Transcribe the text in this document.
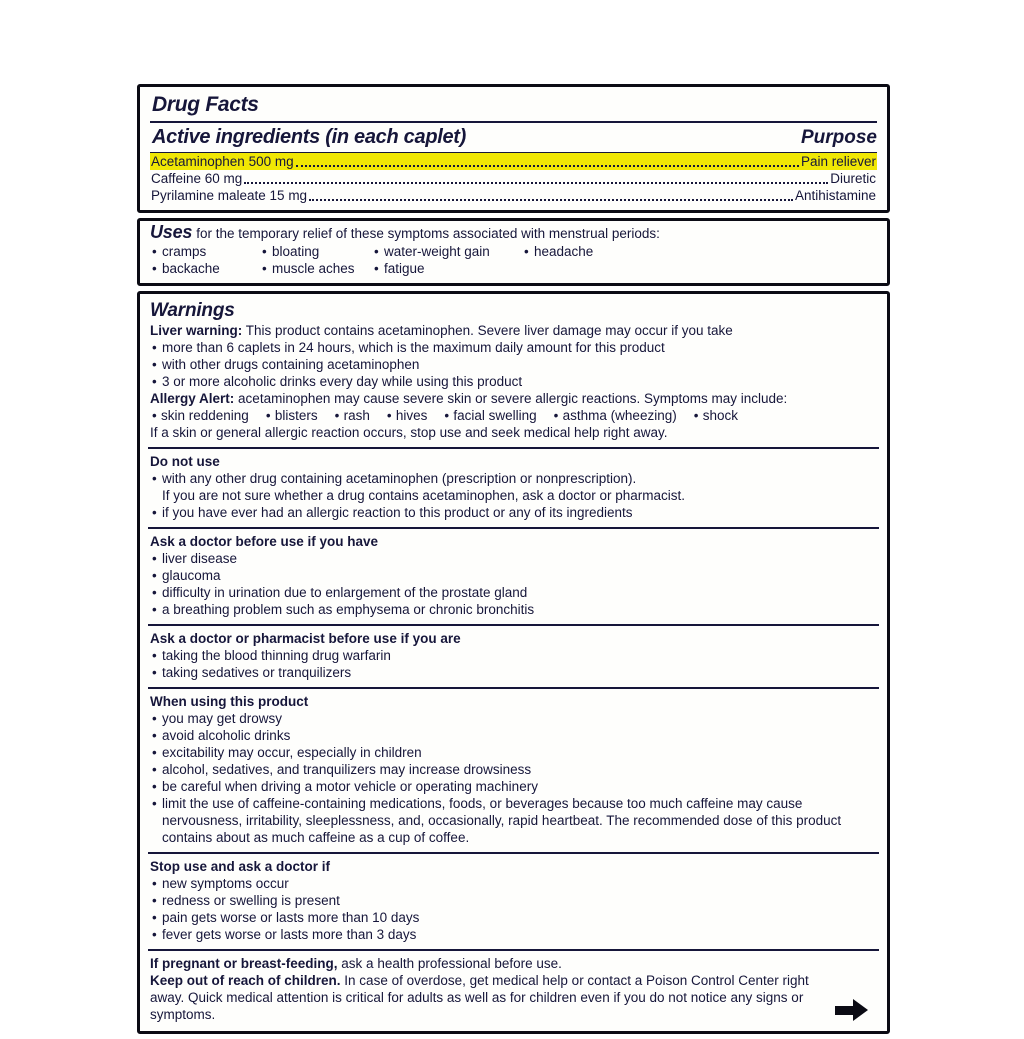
Drug Facts
Active ingredients (in each caplet)	Purpose
Acetaminophen 500 mg	Pain reliever
Caffeine 60 mg	Diuretic
Pyrilamine maleate 15 mg	Antihistamine
Uses for the temporary relief of these symptoms associated with menstrual periods:
• cramps	• bloating	• water-weight gain	• headache
• backache	• muscle aches	• fatigue
Warnings
Liver warning: This product contains acetaminophen. Severe liver damage may occur if you take
• more than 6 caplets in 24 hours, which is the maximum daily amount for this product
• with other drugs containing acetaminophen
• 3 or more alcoholic drinks every day while using this product
Allergy Alert: acetaminophen may cause severe skin or severe allergic reactions. Symptoms may include:
• skin reddening	• blisters	• rash	• hives	• facial swelling	• asthma (wheezing)	• shock
If a skin or general allergic reaction occurs, stop use and seek medical help right away.
Do not use
• with any other drug containing acetaminophen (prescription or nonprescription).
If you are not sure whether a drug contains acetaminophen, ask a doctor or pharmacist.
• if you have ever had an allergic reaction to this product or any of its ingredients
Ask a doctor before use if you have
• liver disease
• glaucoma
• difficulty in urination due to enlargement of the prostate gland
• a breathing problem such as emphysema or chronic bronchitis
Ask a doctor or pharmacist before use if you are
• taking the blood thinning drug warfarin
• taking sedatives or tranquilizers
When using this product
• you may get drowsy
• avoid alcoholic drinks
• excitability may occur, especially in children
• alcohol, sedatives, and tranquilizers may increase drowsiness
• be careful when driving a motor vehicle or operating machinery
• limit the use of caffeine-containing medications, foods, or beverages because too much caffeine may cause nervousness, irritability, sleeplessness, and, occasionally, rapid heartbeat. The recommended dose of this product contains about as much caffeine as a cup of coffee.
Stop use and ask a doctor if
• new symptoms occur
• redness or swelling is present
• pain gets worse or lasts more than 10 days
• fever gets worse or lasts more than 3 days
If pregnant or breast-feeding, ask a health professional before use.
Keep out of reach of children. In case of overdose, get medical help or contact a Poison Control Center right away. Quick medical attention is critical for adults as well as for children even if you do not notice any signs or symptoms.
